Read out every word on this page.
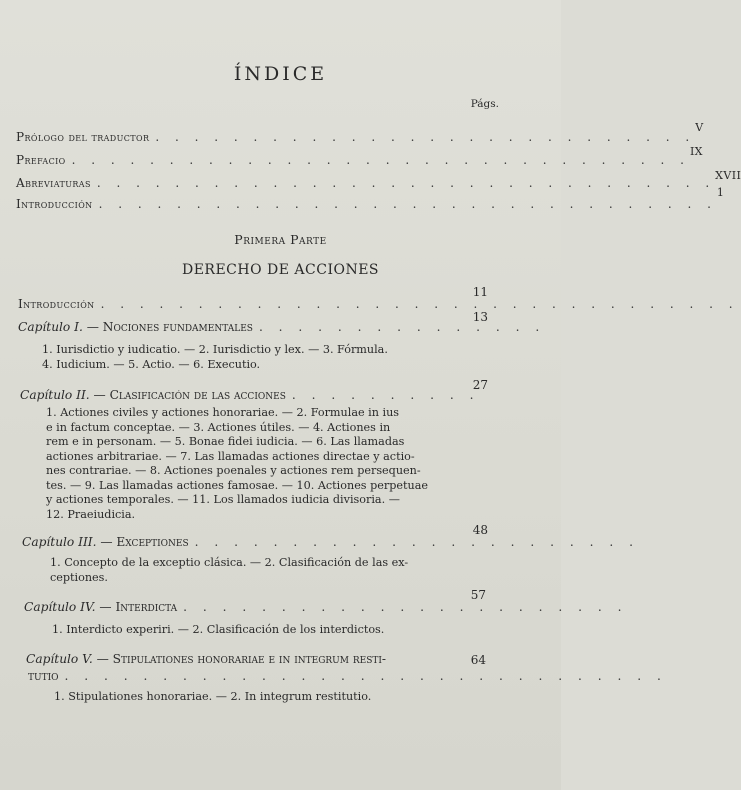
ÍNDICE
Págs.
Prólogo del traductor . . . . . . . . . . . . . . . . . . . . . . . . . . . .
V
Prefacio . . . . . . . . . . . . . . . . . . . . . . . . . . . . . . . .
IX
Abreviaturas . . . . . . . . . . . . . . . . . . . . . . . . . . . . . . . .
XVII
Introducción . . . . . . . . . . . . . . . . . . . . . . . . . . . . . . . .
1
Primera Parte
DERECHO DE ACCIONES
11
Introducción . . . . . . . . . . . . . . . . . . . . . . . . . . . . . . . . .
13
Capítulo I. — Nociones fundamentales . . . . . . . . . . . . . . .

1. Iurisdictio y iudicatio. — 2. Iurisdictio y lex. — 3. Fórmula.

4. Iudicium. — 5. Actio. — 6. Executio.

27
Capítulo II. — Clasificación de las acciones . . . . . . . . . .

1. Actiones civiles y actiones honorariae. — 2. Formulae in ius

e in factum conceptae. — 3. Actiones útiles. — 4. Actiones in

rem e in personam. — 5. Bonae fidei iudicia. — 6. Las llamadas

actiones arbitrariae. — 7. Las llamadas actiones directae y actio-

nes contrariae. — 8. Actiones poenales y actiones rem persequen-

tes. — 9. Las llamadas actiones famosae. — 10. Actiones perpetuae

y actiones temporales. — 11. Los llamados iudicia divisoria. —

12. Praeiudicia.

48
Capítulo III. — Exceptiones . . . . . . . . . . . . . . . . . . . . . . .

1. Concepto de la exceptio clásica. — 2. Clasificación de las ex-

ceptiones.

57
Capítulo IV. — Interdicta . . . . . . . . . . . . . . . . . . . . . . .

1. Interdicto experiri. — 2. Clasificación de los interdictos.

64
Capítulo V. — Stipulationes honorariae e in integrum resti-
tutio . . . . . . . . . . . . . . . . . . . . . . . . . . . . . . .

1. Stipulationes honorariae. — 2. In integrum restitutio.
